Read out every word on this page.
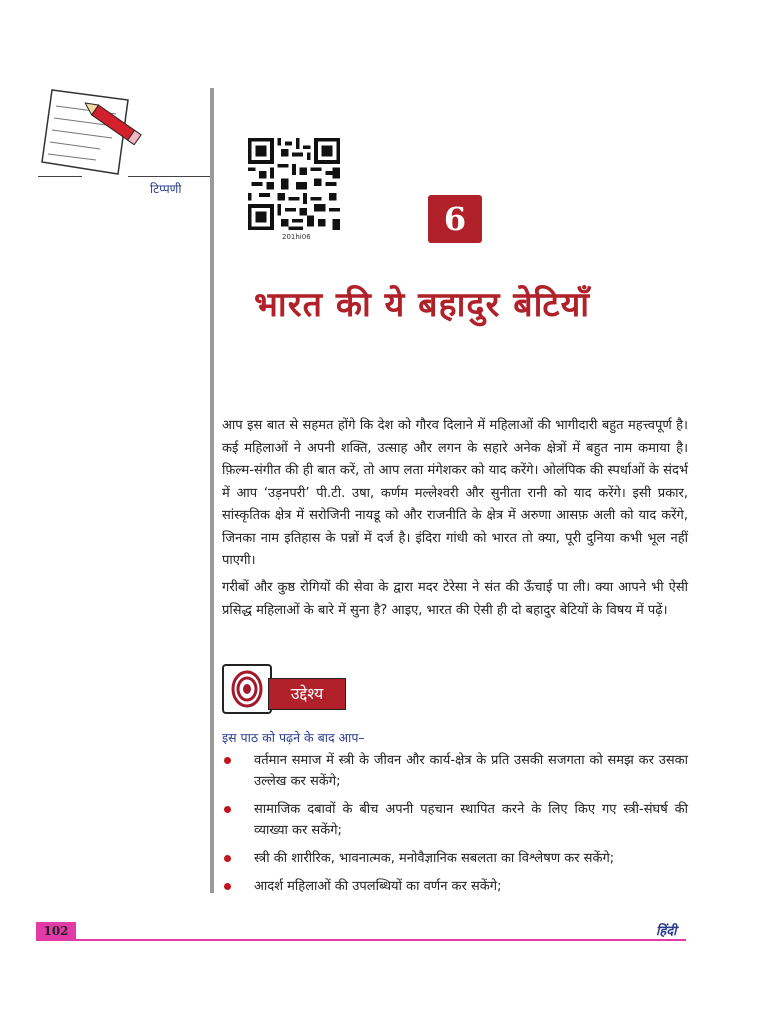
टिप्पणी
201hi06	6
भारत की ये बहादुर बेटियाँ
आप इस बात से सहमत होंगे कि देश को गौरव दिलाने में महिलाओं की भागीदारी बहुत महत्त्वपूर्ण है। कई महिलाओं ने अपनी शक्ति, उत्साह और लगन के सहारे अनेक क्षेत्रों में बहुत नाम कमाया है। फ़िल्म-संगीत की ही बात करें, तो आप लता मंगेशकर को याद करेंगे। ओलंपिक की स्पर्धाओं के संदर्भ में आप ‘उड़नपरी’ पी.टी. उषा, कर्णम मल्लेश्वरी और सुनीता रानी को याद करेंगे। इसी प्रकार, सांस्कृतिक क्षेत्र में सरोजिनी नायडू को और राजनीति के क्षेत्र में अरुणा आसफ़ अली को याद करेंगे, जिनका नाम इतिहास के पन्नों में दर्ज है। इंदिरा गांधी को भारत तो क्या, पूरी दुनिया कभी भूल नहीं पाएगी।
गरीबों और कुष्ठ रोगियों की सेवा के द्वारा मदर टेरेसा ने संत की ऊँचाई पा ली। क्या आपने भी ऐसी प्रसिद्ध महिलाओं के बारे में सुना है? आइए, भारत की ऐसी ही दो बहादुर बेटियों के विषय में पढ़ें।
उद्देश्य
इस पाठ को पढ़ने के बाद आप–
वर्तमान समाज में स्त्री के जीवन और कार्य-क्षेत्र के प्रति उसकी सजगता को समझ कर उसका उल्लेख कर सकेंगे;
सामाजिक दबावों के बीच अपनी पहचान स्थापित करने के लिए किए गए स्त्री-संघर्ष की व्याख्या कर सकेंगे;
स्त्री की शारीरिक, भावनात्मक, मनोवैज्ञानिक सबलता का विश्लेषण कर सकेंगे;
आदर्श महिलाओं की उपलब्धियों का वर्णन कर सकेंगे;
102	हिंदी
